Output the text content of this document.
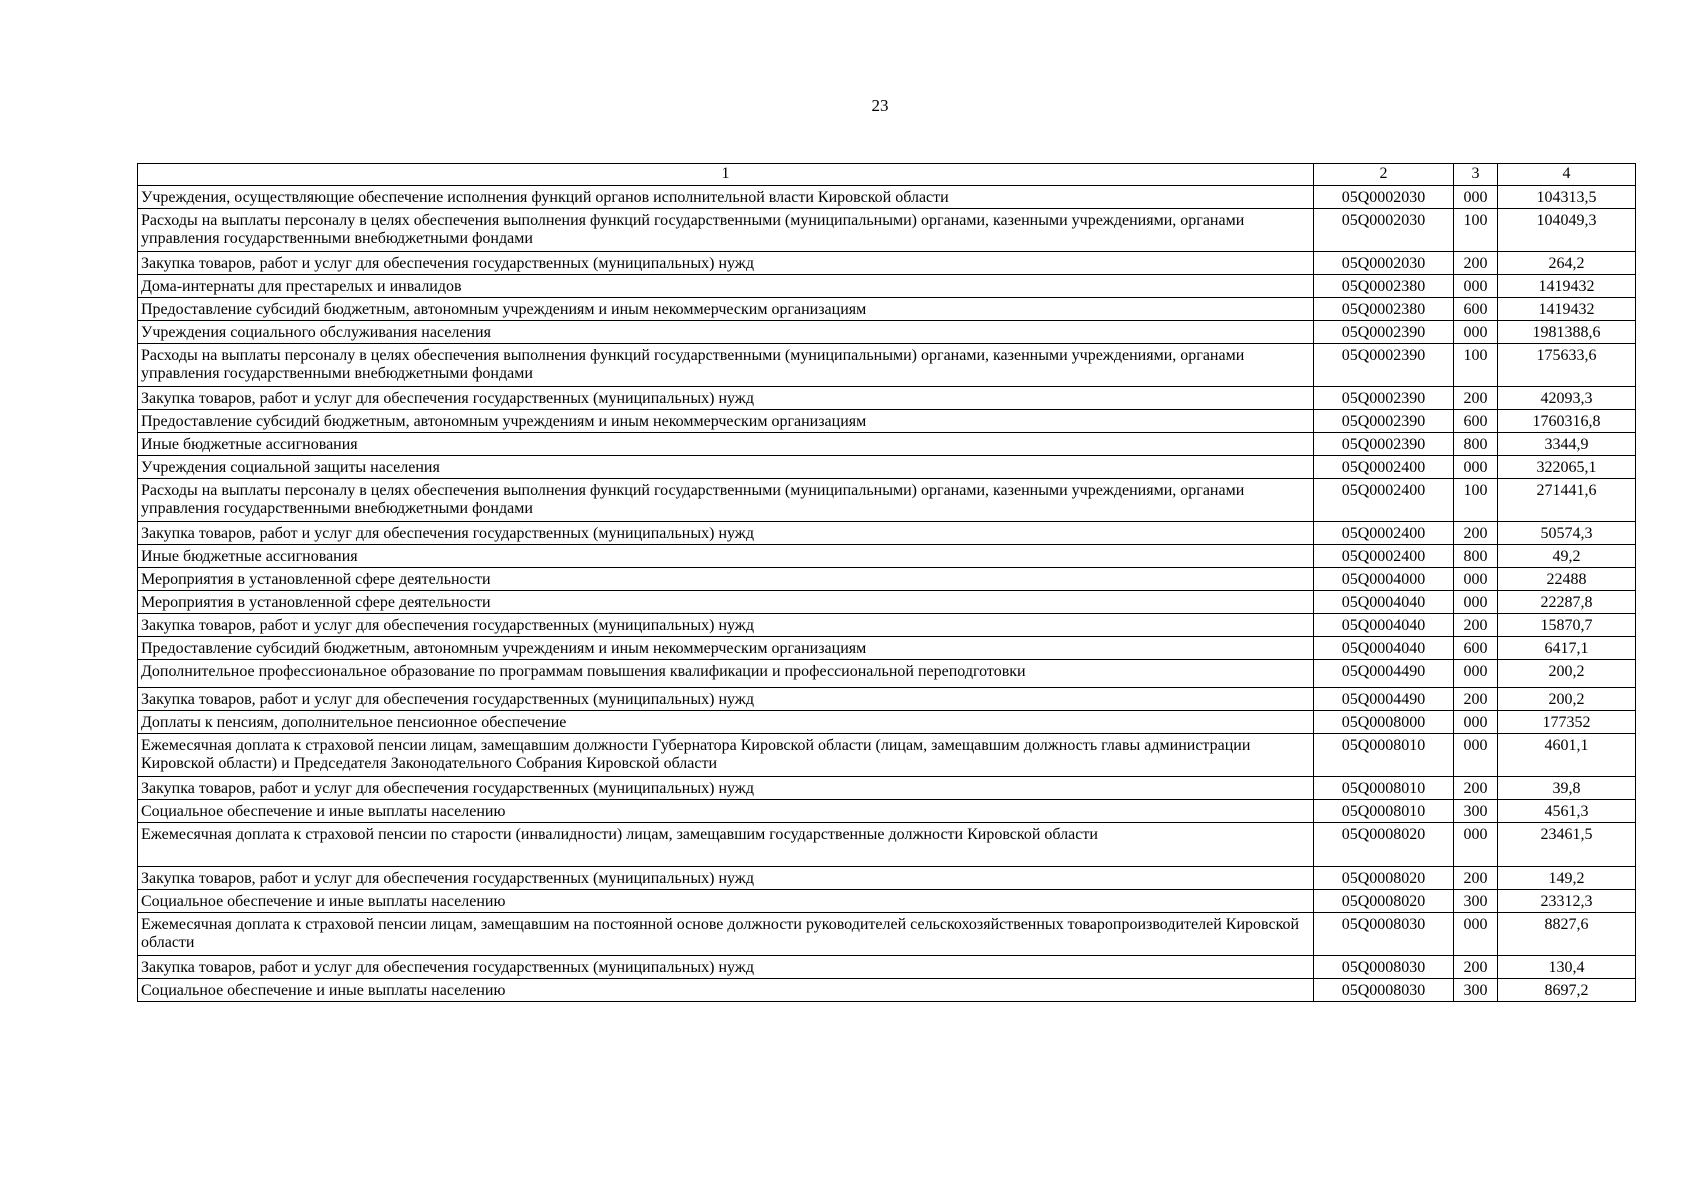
23
1	2	3	4
Учреждения, осуществляющие обеспечение исполнения функций органов исполнительной власти Кировской области	05Q0002030	000	104313,5
Расходы на выплаты персоналу в целях обеспечения выполнения функций государственными (муниципальными) органами, казенными учреждениями, органами управления государственными внебюджетными фондами	05Q0002030	100	104049,3
Закупка товаров, работ и услуг для обеспечения государственных (муниципальных) нужд	05Q0002030	200	264,2
Дома-интернаты для престарелых и инвалидов	05Q0002380	000	1419432
Предоставление субсидий бюджетным, автономным учреждениям и иным некоммерческим организациям	05Q0002380	600	1419432
Учреждения социального обслуживания населения	05Q0002390	000	1981388,6
Расходы на выплаты персоналу в целях обеспечения выполнения функций государственными (муниципальными) органами, казенными учреждениями, органами управления государственными внебюджетными фондами	05Q0002390	100	175633,6
Закупка товаров, работ и услуг для обеспечения государственных (муниципальных) нужд	05Q0002390	200	42093,3
Предоставление субсидий бюджетным, автономным учреждениям и иным некоммерческим организациям	05Q0002390	600	1760316,8
Иные бюджетные ассигнования	05Q0002390	800	3344,9
Учреждения социальной защиты населения	05Q0002400	000	322065,1
Расходы на выплаты персоналу в целях обеспечения выполнения функций государственными (муниципальными) органами, казенными учреждениями, органами управления государственными внебюджетными фондами	05Q0002400	100	271441,6
Закупка товаров, работ и услуг для обеспечения государственных (муниципальных) нужд	05Q0002400	200	50574,3
Иные бюджетные ассигнования	05Q0002400	800	49,2
Мероприятия в установленной сфере деятельности	05Q0004000	000	22488
Мероприятия в установленной сфере деятельности	05Q0004040	000	22287,8
Закупка товаров, работ и услуг для обеспечения государственных (муниципальных) нужд	05Q0004040	200	15870,7
Предоставление субсидий бюджетным, автономным учреждениям и иным некоммерческим организациям	05Q0004040	600	6417,1
Дополнительное профессиональное образование по программам повышения квалификации и профессиональной переподготовки	05Q0004490	000	200,2
Закупка товаров, работ и услуг для обеспечения государственных (муниципальных) нужд	05Q0004490	200	200,2
Доплаты к пенсиям, дополнительное пенсионное обеспечение	05Q0008000	000	177352
Ежемесячная доплата к страховой пенсии лицам, замещавшим должности Губернатора Кировской области (лицам, замещавшим должность главы администрации Кировской области) и Председателя Законодательного Собрания Кировской области	05Q0008010	000	4601,1
Закупка товаров, работ и услуг для обеспечения государственных (муниципальных) нужд	05Q0008010	200	39,8
Социальное обеспечение и иные выплаты населению	05Q0008010	300	4561,3
Ежемесячная доплата к страховой пенсии по старости (инвалидности) лицам, замещавшим государственные должности Кировской области	05Q0008020	000	23461,5
Закупка товаров, работ и услуг для обеспечения государственных (муниципальных) нужд	05Q0008020	200	149,2
Социальное обеспечение и иные выплаты населению	05Q0008020	300	23312,3
Ежемесячная доплата к страховой пенсии лицам, замещавшим на постоянной основе должности руководителей сельскохозяйственных товаропроизводителей Кировской области	05Q0008030	000	8827,6
Закупка товаров, работ и услуг для обеспечения государственных (муниципальных) нужд	05Q0008030	200	130,4
Социальное обеспечение и иные выплаты населению	05Q0008030	300	8697,2
